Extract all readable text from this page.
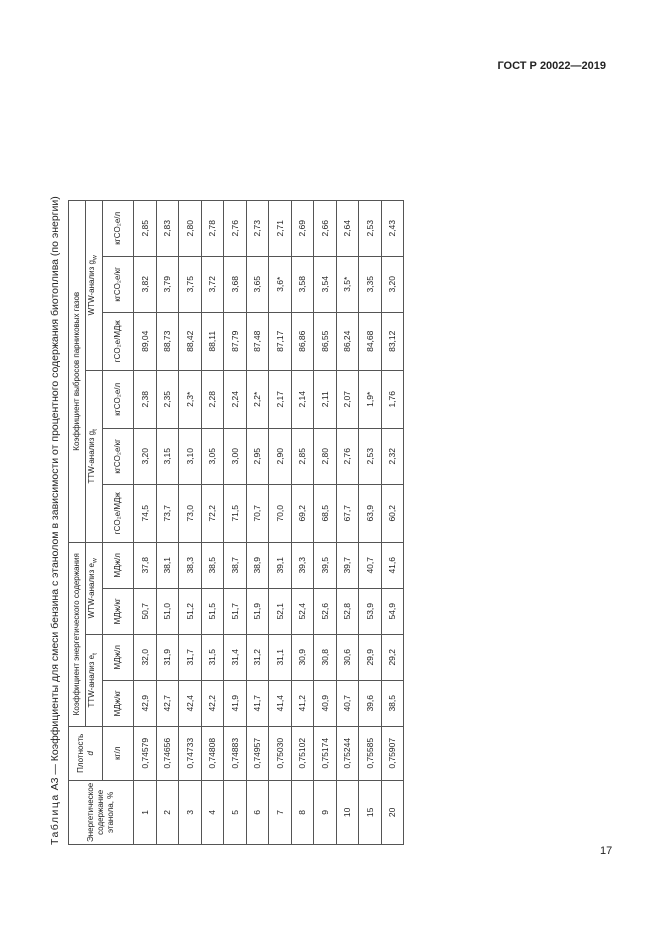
ГОСТ Р 20022—2019
Таблица А3 — Коэффициенты для смеси бензина с этанолом в зависимости от процентного содержания биотоплива (по энергии)
Энергетическое содержание этанола, %	Плотность
d	Коэффициент энергетического содержания				Коэффициент выбросов парниковых газов					
		TTW-анализ $e_t$		WTW-анализ $e_w$		TTW-анализ $g_t$			WTW-анализ $g_w$
	кг/л	МДж/кг	МДж/л	МДж/кг	МДж/л	гCO₂е/МДж	кгCO₂е/кг	кгCO₂е/л	гCO₂е/МДж	кгCO₂е/кг	кгCO₂е/л
1	0,74579	42,9	32,0	50,7	37,8	74,5	3,20	2,38	89,04	3,82	2,85
2	0,74656	42,7	31,9	51,0	38,1	73,7	3,15	2,35	88,73	3,79	2,83
3	0,74733	42,4	31,7	51,2	38,3	73,0	3,10	2,3*	88,42	3,75	2,80
4	0,74808	42,2	31,5	51,5	38,5	72,2	3,05	2,28	88,11	3,72	2,78
5	0,74883	41,9	31,4	51,7	38,7	71,5	3,00	2,24	87,79	3,68	2,76
6	0,74957	41,7	31,2	51,9	38,9	70,7	2,95	2,2*	87,48	3,65	2,73
7	0,75030	41,4	31,1	52,1	39,1	70,0	2,90	2,17	87,17	3,6*	2,71
8	0,75102	41,2	30,9	52,4	39,3	69,2	2,85	2,14	86,86	3,58	2,69
9	0,75174	40,9	30,8	52,6	39,5	68,5	2,80	2,11	86,55	3,54	2,66
10	0,75244	40,7	30,6	52,8	39,7	67,7	2,76	2,07	86,24	3,5*	2,64
15	0,75585	39,6	29,9	53,9	40,7	63,9	2,53	1,9*	84,68	3,35	2,53
20	0,75907	38,5	29,2	54,9	41,6	60,2	2,32	1,76	83,12	3,20	2,43
17
